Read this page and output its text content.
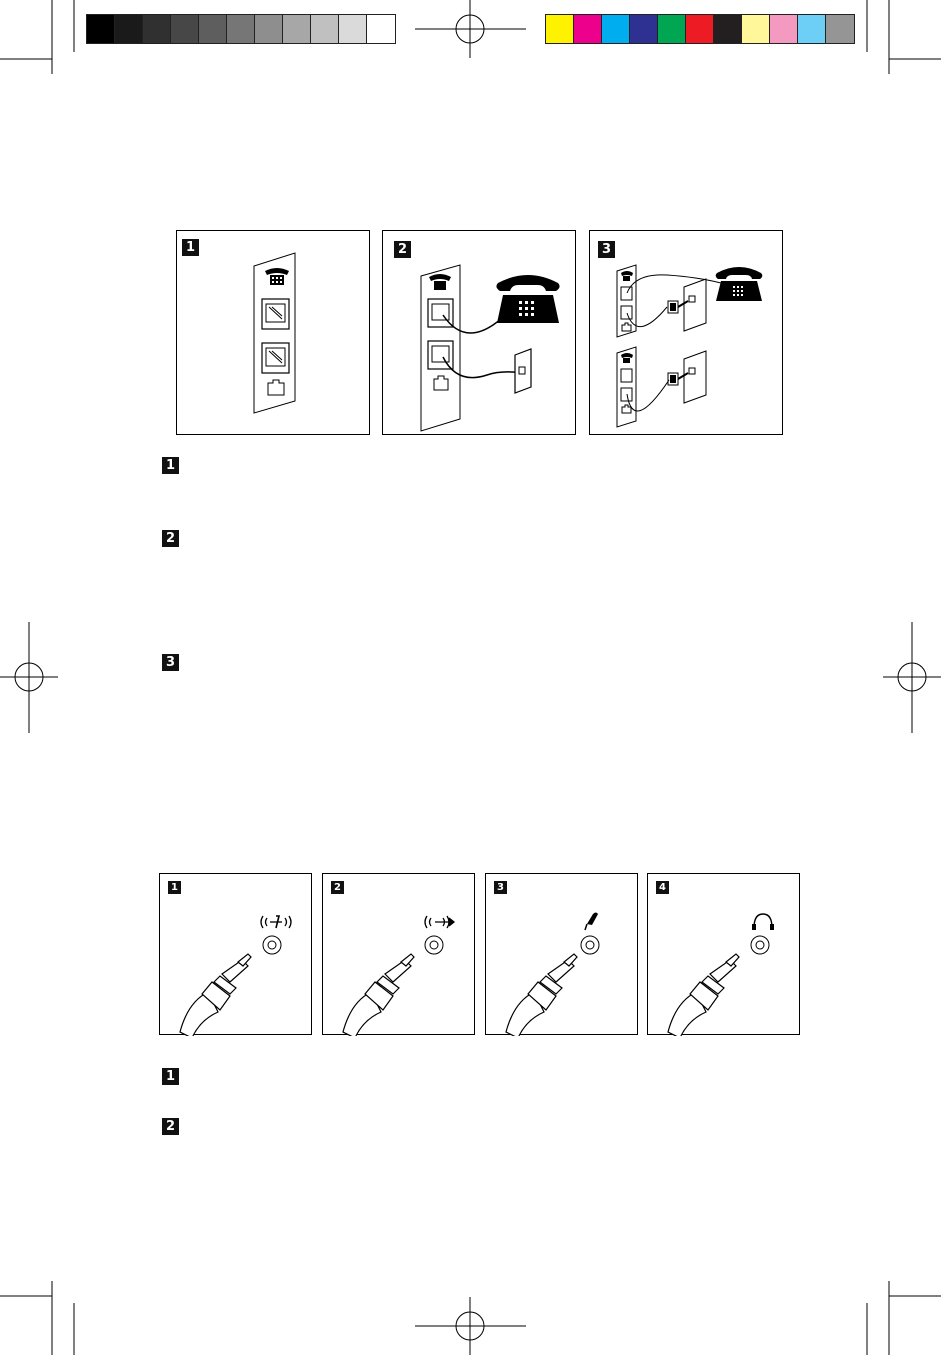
1	2	3
1
2
3
1	2	3	4
1
2
